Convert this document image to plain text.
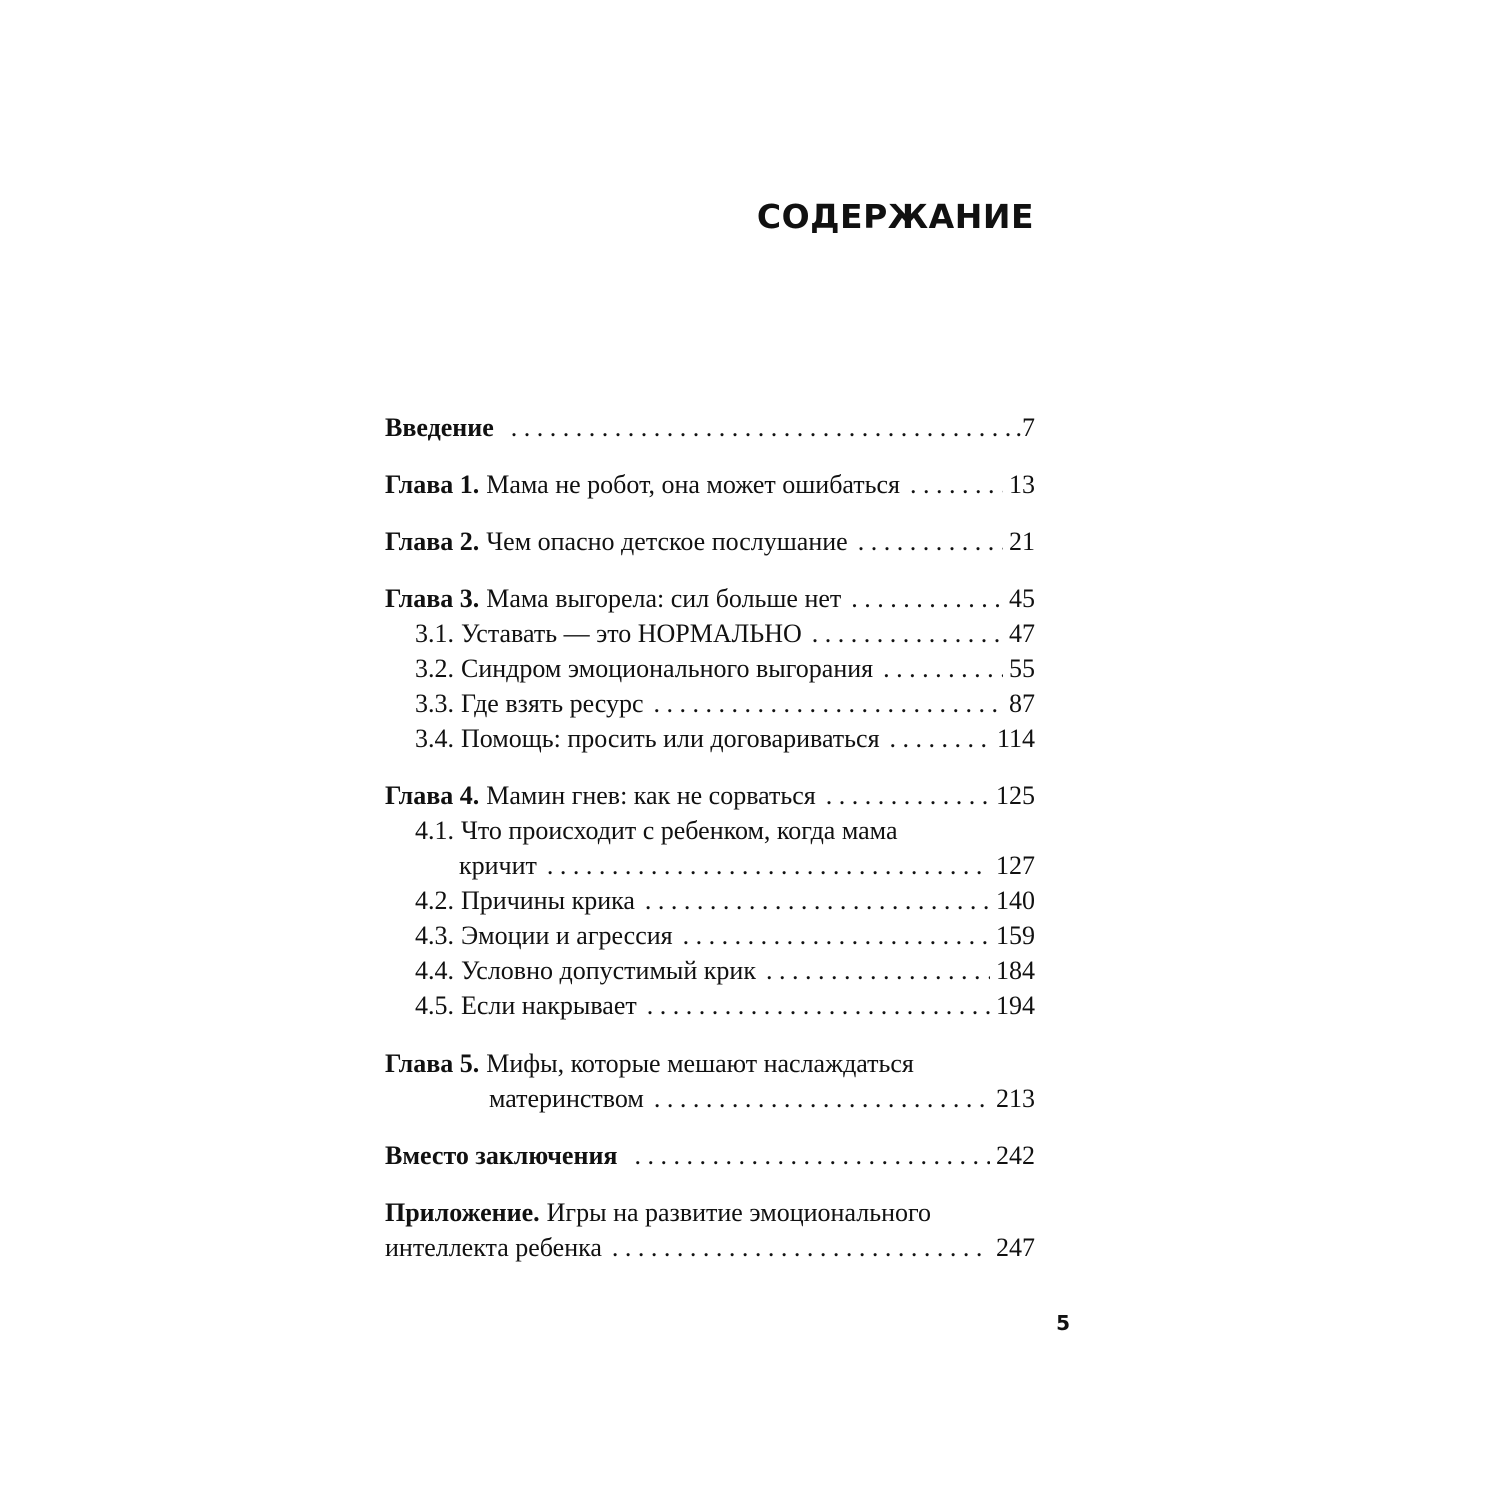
СОДЕРЖАНИЕ
Введение . . .	.7
Глава 1. Мама не робот, она может ошибаться . . .	13
Глава 2. Чем опасно детское послушание . . .	21
Глава 3. Мама выгорела: сил больше нет . . .	45
3.1. Уставать — это НОРМАЛЬНО . . .	47
3.2. Синдром эмоционального выгорания . . .	55
3.3. Где взять ресурс . . .	87
3.4. Помощь: просить или договариваться . . .	114
Глава 4. Мамин гнев: как не сорваться . . .	125
4.1. Что происходит с ребенком, когда мама
кричит . . .	127
4.2. Причины крика . . .	140
4.3. Эмоции и агрессия . . .	159
4.4. Условно допустимый крик . . .	184
4.5. Если накрывает . . .	194
Глава 5. Мифы, которые мешают наслаждаться
материнством . . .	213
Вместо заключения . . .	242
Приложение. Игры на развитие эмоционального
интеллекта ребенка . . .	247
5
